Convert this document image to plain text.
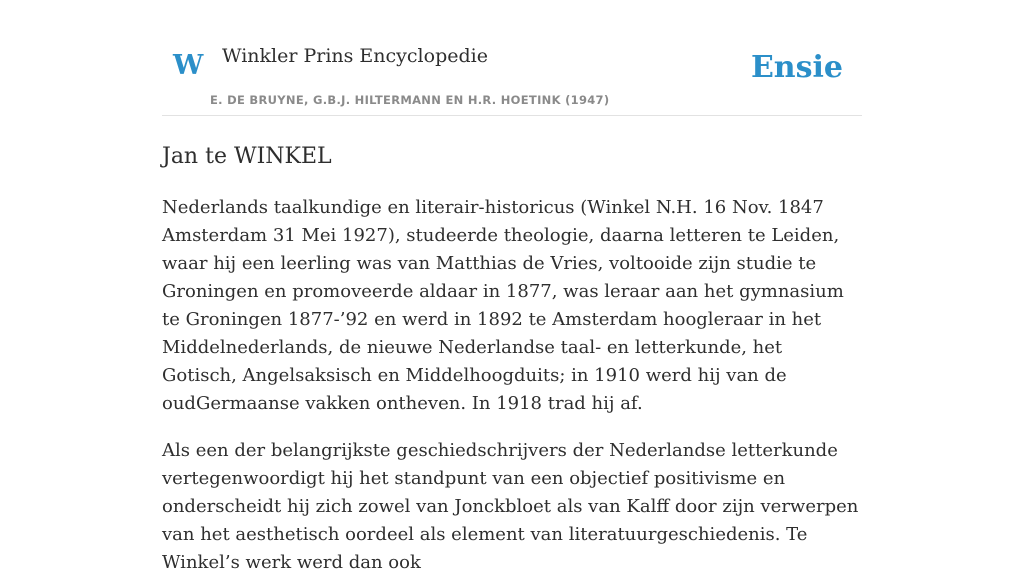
W Winkler Prins Encyclopedie
E. DE BRUYNE, G.B.J. HILTERMANN EN H.R. HOETINK (1947)
Ensie
Jan te WINKEL

Nederlands taalkundige en literair-historicus (Winkel N.H. 16 Nov. 1847 Amsterdam 31 Mei 1927), studeerde theologie, daarna letteren te Leiden, waar hij een leerling was van Matthias de Vries, voltooide zijn studie te Groningen en promoveerde aldaar in 1877, was leraar aan het gymnasium te Groningen 1877-’92 en werd in 1892 te Amsterdam hoogleraar in het Middelnederlands, de nieuwe Nederlandse taal- en letterkunde, het Gotisch, Angelsaksisch en Middelhoogduits; in 1910 werd hij van de oudGermaanse vakken ontheven. In 1918 trad hij af.

Als een der belangrijkste geschiedschrijvers der Nederlandse letterkunde vertegenwoordigt hij het standpunt van een objectief positivisme en onderscheidt hij zich zowel van Jonckbloet als van Kalff door zijn verwerpen van het aesthetisch oordeel als element van literatuurgeschiedenis. Te Winkel’s werk werd dan ook
